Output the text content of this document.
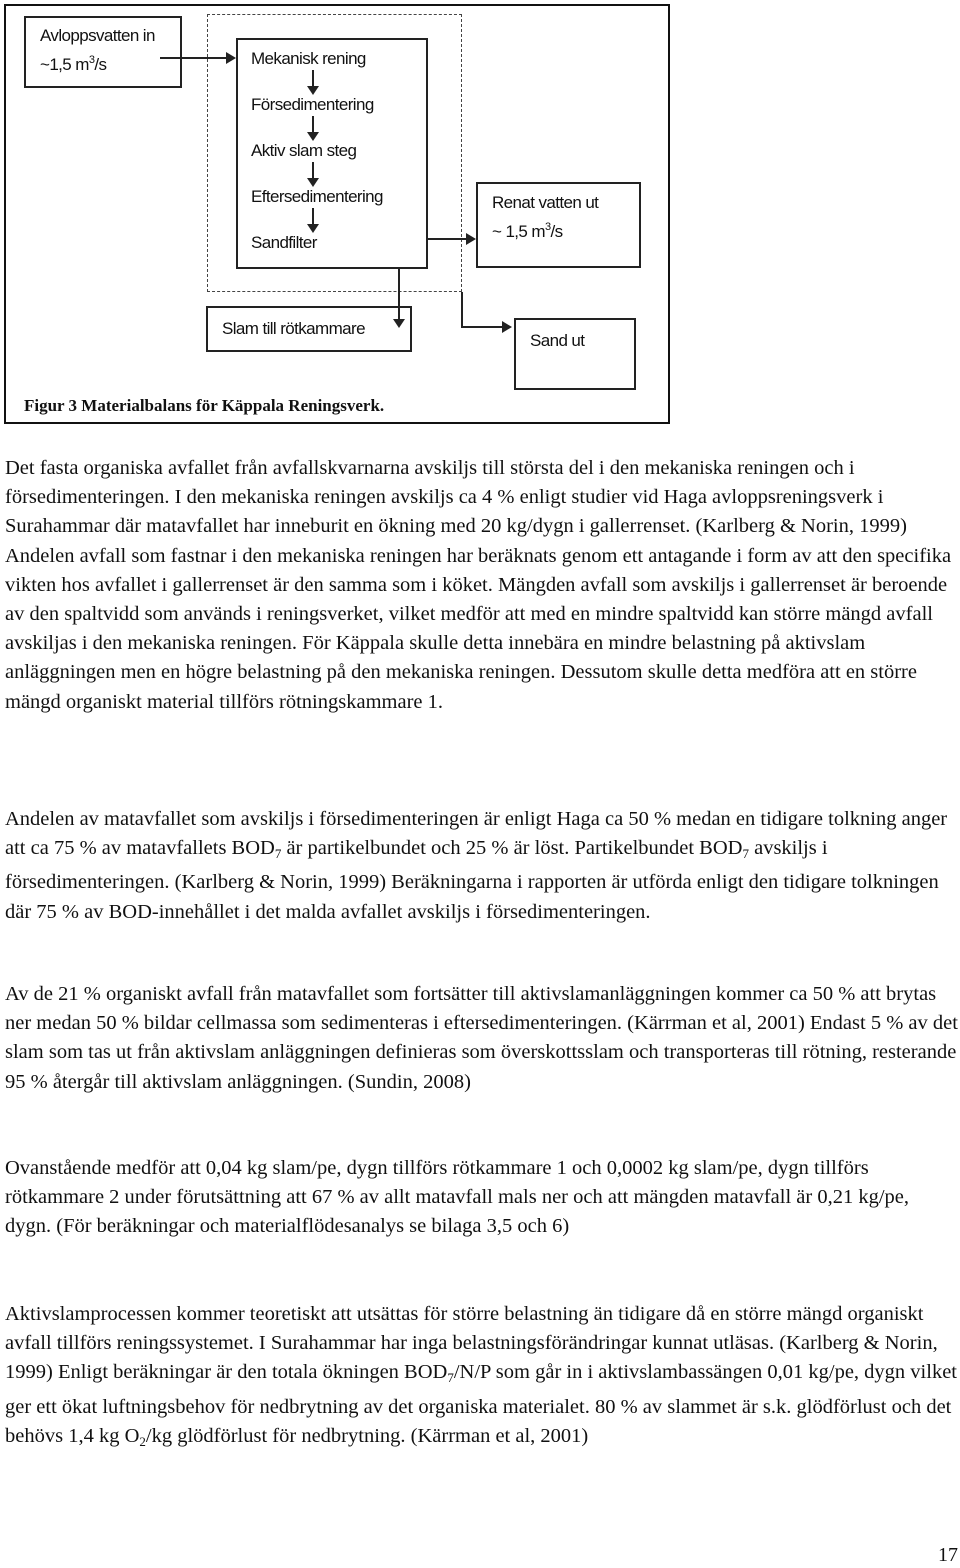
Avloppsvatten in
~1,5 $m^3/s$	Mekanisk rening
Försedimentering
Aktiv slam steg
Eftersedimentering
Sandfilter
Renat vatten ut
~ 1,5 $m^3/s$
Slam till rötkammare
Sand ut
Figur 3 Materialbalans för Käppala Reningsverk.

Det fasta organiska avfallet från avfallskvarnarna avskiljs till största del i den mekaniska reningen och i försedimenteringen. I den mekaniska reningen avskiljs ca 4 % enligt studier vid Haga avloppsreningsverk i Surahammar där matavfallet har inneburit en ökning med 20 kg/dygn i gallerrenset. (Karlberg & Norin, 1999) Andelen avfall som fastnar i den mekaniska reningen har beräknats genom ett antagande i form av att den specifika vikten hos avfallet i gallerrenset är den samma som i köket. Mängden avfall som avskiljs i gallerrenset är beroende av den spaltvidd som används i reningsverket, vilket medför att med en mindre spaltvidd kan större mängd avfall avskiljas i den mekaniska reningen. För Käppala skulle detta innebära en mindre belastning på aktivslam anläggningen men en högre belastning på den mekaniska reningen. Dessutom skulle detta medföra att en större mängd organiskt material tillförs rötningskammare 1.

Andelen av matavfallet som avskiljs i försedimenteringen är enligt Haga ca 50 % medan en tidigare tolkning anger att ca 75 % av matavfallets $BOD_7$ är partikelbundet och 25 % är löst. Partikelbundet $BOD_7$ avskiljs i försedimenteringen. (Karlberg & Norin, 1999) Beräkningarna i rapporten är utförda enligt den tidigare tolkningen där 75 % av BOD-innehållet i det malda avfallet avskiljs i försedimenteringen.

Av de 21 % organiskt avfall från matavfallet som fortsätter till aktivslamanläggningen kommer ca 50 % att brytas ner medan 50 % bildar cellmassa som sedimenteras i eftersedimenteringen. (Kärrman et al, 2001) Endast 5 % av det slam som tas ut från aktivslam anläggningen definieras som överskottsslam och transporteras till rötning, resterande 95 % återgår till aktivslam anläggningen. (Sundin, 2008)

Ovanstående medför att 0,04 kg slam/pe, dygn tillförs rötkammare 1 och 0,0002 kg slam/pe, dygn tillförs rötkammare 2 under förutsättning att 67 % av allt matavfall mals ner och att mängden matavfall är 0,21 kg/pe, dygn. (För beräkningar och materialflödesanalys se bilaga 3,5 och 6)

Aktivslamprocessen kommer teoretiskt att utsättas för större belastning än tidigare då en större mängd organiskt avfall tillförs reningssystemet. I Surahammar har inga belastningsförändringar kunnat utläsas. (Karlberg & Norin, 1999) Enligt beräkningar är den totala ökningen $BOD_7/N/P$ som går in i aktivslambassängen 0,01 kg/pe, dygn vilket ger ett ökat luftningsbehov för nedbrytning av det organiska materialet. 80 % av slammet är s.k. glödförlust och det behövs 1,4 kg $O_2/kg$ glödförlust för nedbrytning. (Kärrman et al, 2001)

17
